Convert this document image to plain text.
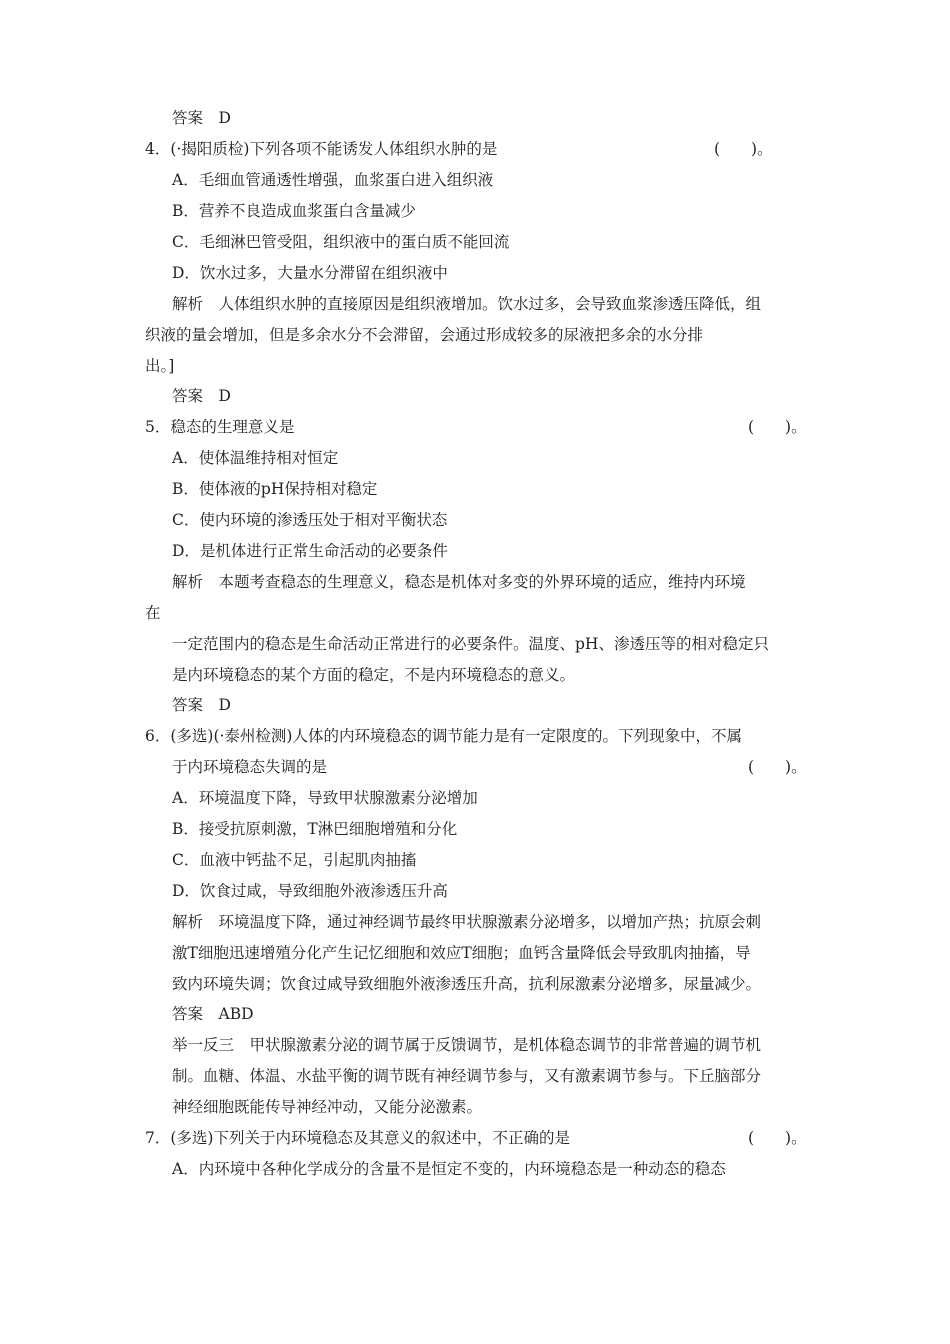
答案　D
4．(·揭阳质检)下列各项不能诱发人体组织水肿的是
A．毛细血管通透性增强，血浆蛋白进入组织液
B．营养不良造成血浆蛋白含量减少
C．毛细淋巴管受阻，组织液中的蛋白质不能回流
D．饮水过多，大量水分滞留在组织液中
解析　人体组织水肿的直接原因是组织液增加。饮水过多，会导致血浆渗透压降低，组
织液的量会增加，但是多余水分不会滞留，会通过形成较多的尿液把多余的水分排
出。]
答案　D
5．稳态的生理意义是
A．使体温维持相对恒定
B．使体液的pH保持相对稳定
C．使内环境的渗透压处于相对平衡状态
D．是机体进行正常生命活动的必要条件
解析　本题考查稳态的生理意义，稳态是机体对多变的外界环境的适应，维持内环境
在
一定范围内的稳态是生命活动正常进行的必要条件。温度、pH、渗透压等的相对稳定只
是内环境稳态的某个方面的稳定，不是内环境稳态的意义。
答案　D
6．(多选)(·泰州检测)人体的内环境稳态的调节能力是有一定限度的。下列现象中，不属
于内环境稳态失调的是
A．环境温度下降，导致甲状腺激素分泌增加
B．接受抗原刺激，T淋巴细胞增殖和分化
C．血液中钙盐不足，引起肌肉抽搐
D．饮食过咸，导致细胞外液渗透压升高
解析　环境温度下降，通过神经调节最终甲状腺激素分泌增多，以增加产热；抗原会刺
激T细胞迅速增殖分化产生记忆细胞和效应T细胞；血钙含量降低会导致肌肉抽搐，导
致内环境失调；饮食过咸导致细胞外液渗透压升高，抗利尿激素分泌增多，尿量减少。
答案　ABD
举一反三　甲状腺激素分泌的调节属于反馈调节，是机体稳态调节的非常普遍的调节机
制。血糖、体温、水盐平衡的调节既有神经调节参与，又有激素调节参与。下丘脑部分
神经细胞既能传导神经冲动，又能分泌激素。
7．(多选)下列关于内环境稳态及其意义的叙述中，不正确的是
A．内环境中各种化学成分的含量不是恒定不变的，内环境稳态是一种动态的稳态
(　　)。
(　　)。
(　　)。
(　　)。
